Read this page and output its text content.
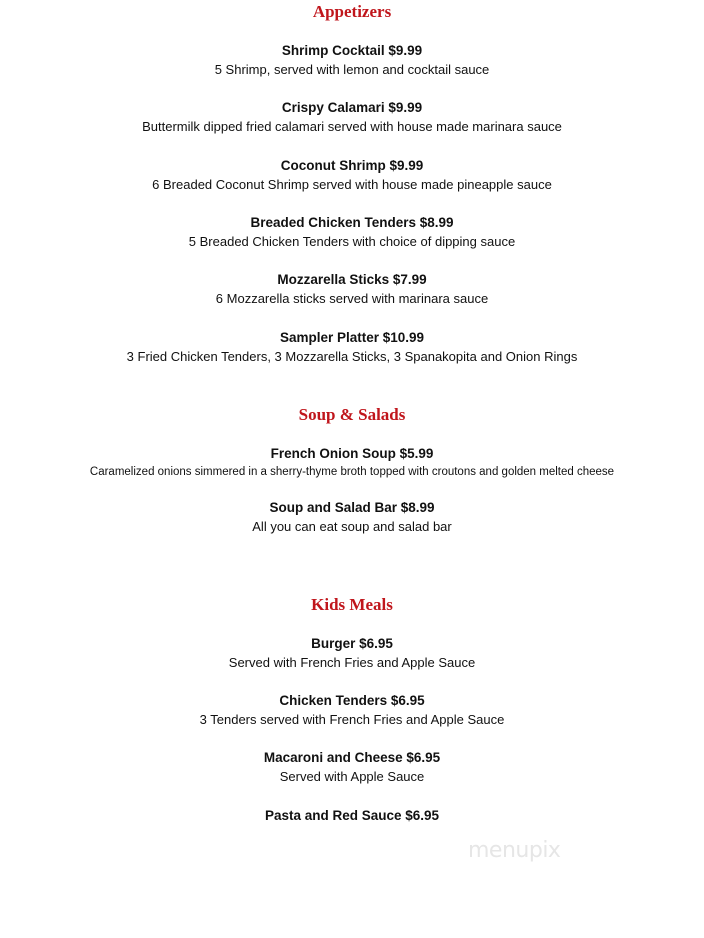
Appetizers
Shrimp Cocktail $9.99
5 Shrimp, served with lemon and cocktail sauce
Crispy Calamari $9.99
Buttermilk dipped fried calamari served with house made marinara sauce
Coconut Shrimp $9.99
6 Breaded Coconut Shrimp served with house made pineapple sauce
Breaded Chicken Tenders $8.99
5 Breaded Chicken Tenders with choice of dipping sauce
Mozzarella Sticks $7.99
6 Mozzarella sticks served with marinara sauce
Sampler Platter $10.99
3 Fried Chicken Tenders, 3 Mozzarella Sticks, 3 Spanakopita and Onion Rings
Soup & Salads
French Onion Soup $5.99
Caramelized onions simmered in a sherry-thyme broth topped with croutons and golden melted cheese
Soup and Salad Bar $8.99
All you can eat soup and salad bar
Kids Meals
Burger $6.95
Served with French Fries and Apple Sauce
Chicken Tenders $6.95
3 Tenders served with French Fries and Apple Sauce
Macaroni and Cheese $6.95
Served with Apple Sauce
Pasta and Red Sauce $6.95
menupix
